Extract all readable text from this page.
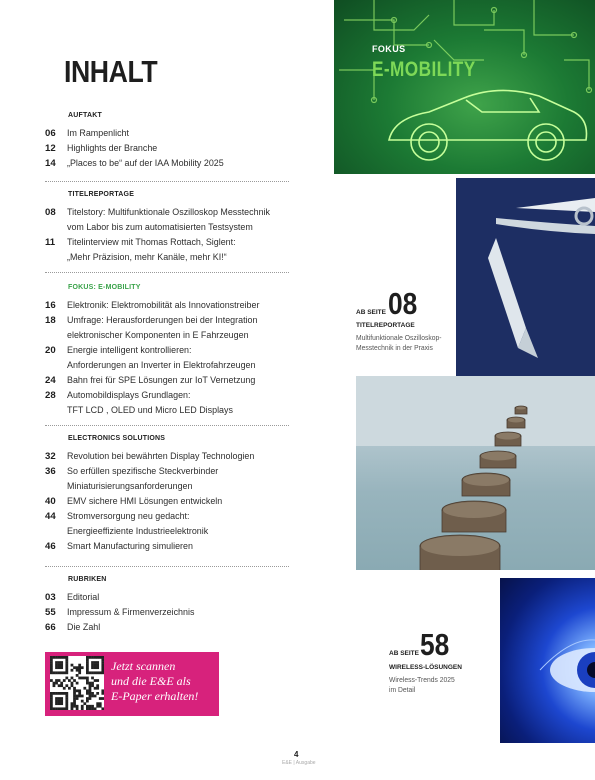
INHALT
AUFTAKT
06	Im Rampenlicht
12	Highlights der Branche
14	„Places to be“ auf der IAA Mobility 2025
TITELREPORTAGE
08	Titelstory: Multifunktionale Oszilloskop Messtechnik
vom Labor bis zum automatisierten Testsystem
11	Titelinterview mit Thomas Rottach, Siglent:
„Mehr Präzision, mehr Kanäle, mehr KI!“
FOKUS: E-MOBILITY
16	Elektronik: Elektromobilität als Innovationstreiber
18	Umfrage: Herausforderungen bei der Integration
elektronischer Komponenten in E Fahrzeugen
20	Energie intelligent kontrollieren:
Anforderungen an Inverter in Elektrofahrzeugen
24	Bahn frei für SPE Lösungen zur IoT Vernetzung
28	Automobildisplays Grundlagen:
TFT LCD , OLED und Micro LED Displays
ELECTRONICS SOLUTIONS
32	Revolution bei bewährten Display Technologien
36	So erfüllen spezifische Steckverbinder
Miniaturisierungsanforderungen
40	EMV sichere HMI Lösungen entwickeln
44	Stromversorgung neu gedacht:
Energieeffiziente Industrieelektronik
46	Smart Manufacturing simulieren
RUBRIKEN
03	Editorial
55	Impressum & Firmenverzeichnis
66	Die Zahl
FOKUS
E-MOBILITY
AB SEITE 08
TITELREPORTAGE
Multifunktionale Oszilloskop-
Messtechnik in der Praxis
AB SEITE 58
WIRELESS-LÖSUNGEN
Wireless-Trends 2025
im Detail
Jetzt scannen
und die E&E als
E-Paper erhalten!
4
E&E | Ausgabe
